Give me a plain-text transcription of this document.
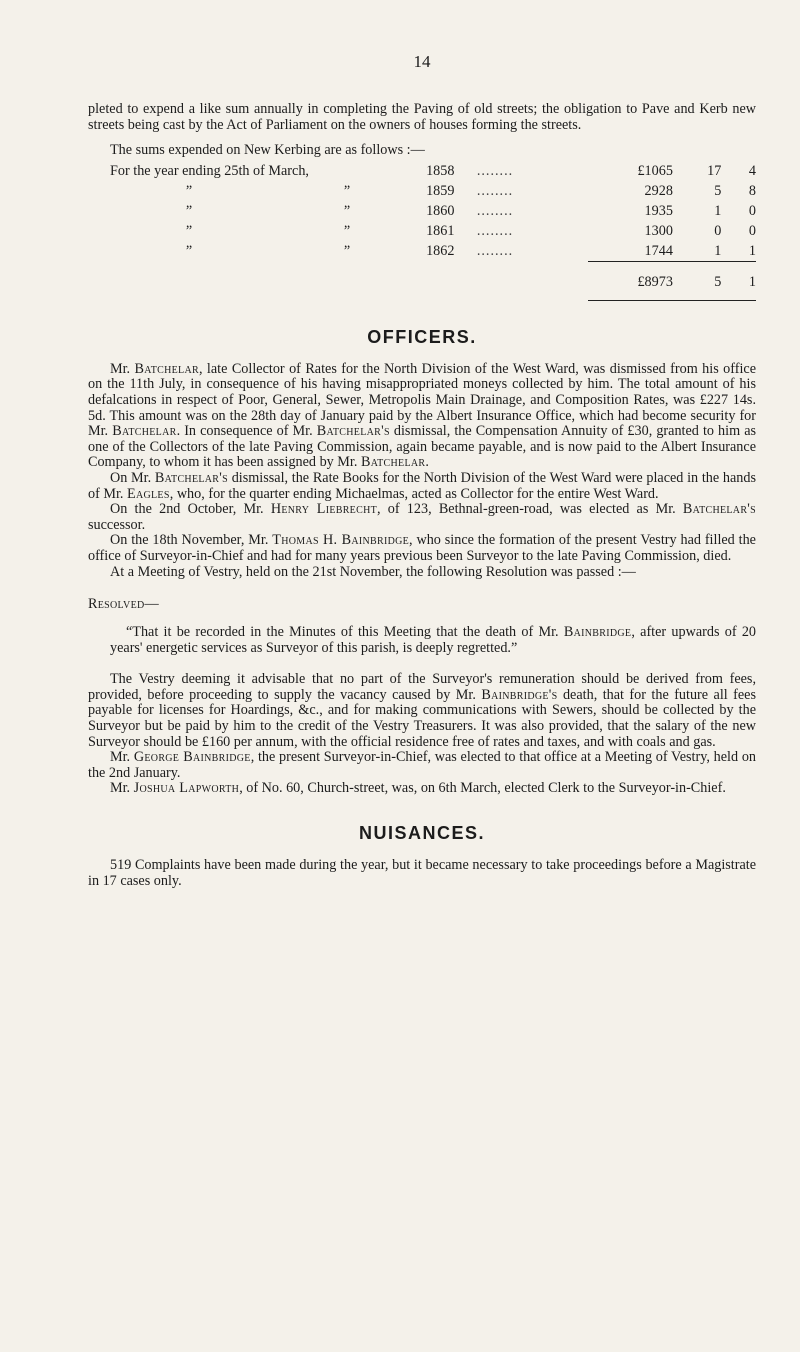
14

pleted to expend a like sum annually in completing the Paving of old streets; the obligation to Pave and Kerb new streets being cast by the Act of Parliament on the owners of houses forming the streets.

The sums expended on New Kerbing are as follows :—

For the year ending 25th of March,		1858	........	£1065	17	4
”	”	1859	........	2928	5	8
”	”	1860	........	1935	1	0
”	”	1861	........	1300	0	0
”	”	1862	........	1744	1	1
				£8973	5	1

OFFICERS.

Mr. Batchelar, late Collector of Rates for the North Division of the West Ward, was dismissed from his office on the 11th July, in consequence of his having misappropriated moneys collected by him. The total amount of his defalcations in respect of Poor, General, Sewer, Metropolis Main Drainage, and Composition Rates, was £227 14s. 5d. This amount was on the 28th day of January paid by the Albert Insurance Office, which had become security for Mr. Batchelar. In consequence of Mr. Batchelar's dismissal, the Compensation Annuity of £30, granted to him as one of the Collectors of the late Paving Commission, again became payable, and is now paid to the Albert Insurance Company, to whom it has been assigned by Mr. Batchelar.

On Mr. Batchelar's dismissal, the Rate Books for the North Division of the West Ward were placed in the hands of Mr. Eagles, who, for the quarter ending Michaelmas, acted as Collector for the entire West Ward.

On the 2nd October, Mr. Henry Liebrecht, of 123, Bethnal-green-road, was elected as Mr. Batchelar's successor.

On the 18th November, Mr. Thomas H. Bainbridge, who since the formation of the present Vestry had filled the office of Surveyor-in-Chief and had for many years previous been Surveyor to the late Paving Commission, died.

At a Meeting of Vestry, held on the 21st November, the following Resolution was passed :—

Resolved—

“That it be recorded in the Minutes of this Meeting that the death of Mr. Bainbridge, after upwards of 20 years' energetic services as Surveyor of this parish, is deeply regretted.”

The Vestry deeming it advisable that no part of the Surveyor's remuneration should be derived from fees, provided, before proceeding to supply the vacancy caused by Mr. Bainbridge's death, that for the future all fees payable for licenses for Hoardings, &c., and for making communications with Sewers, should be collected by the Surveyor but be paid by him to the credit of the Vestry Treasurers. It was also provided, that the salary of the new Surveyor should be £160 per annum, with the official residence free of rates and taxes, and with coals and gas.

Mr. George Bainbridge, the present Surveyor-in-Chief, was elected to that office at a Meeting of Vestry, held on the 2nd January.

Mr. Joshua Lapworth, of No. 60, Church-street, was, on 6th March, elected Clerk to the Surveyor-in-Chief.

NUISANCES.

519 Complaints have been made during the year, but it became necessary to take proceedings before a Magistrate in 17 cases only.
